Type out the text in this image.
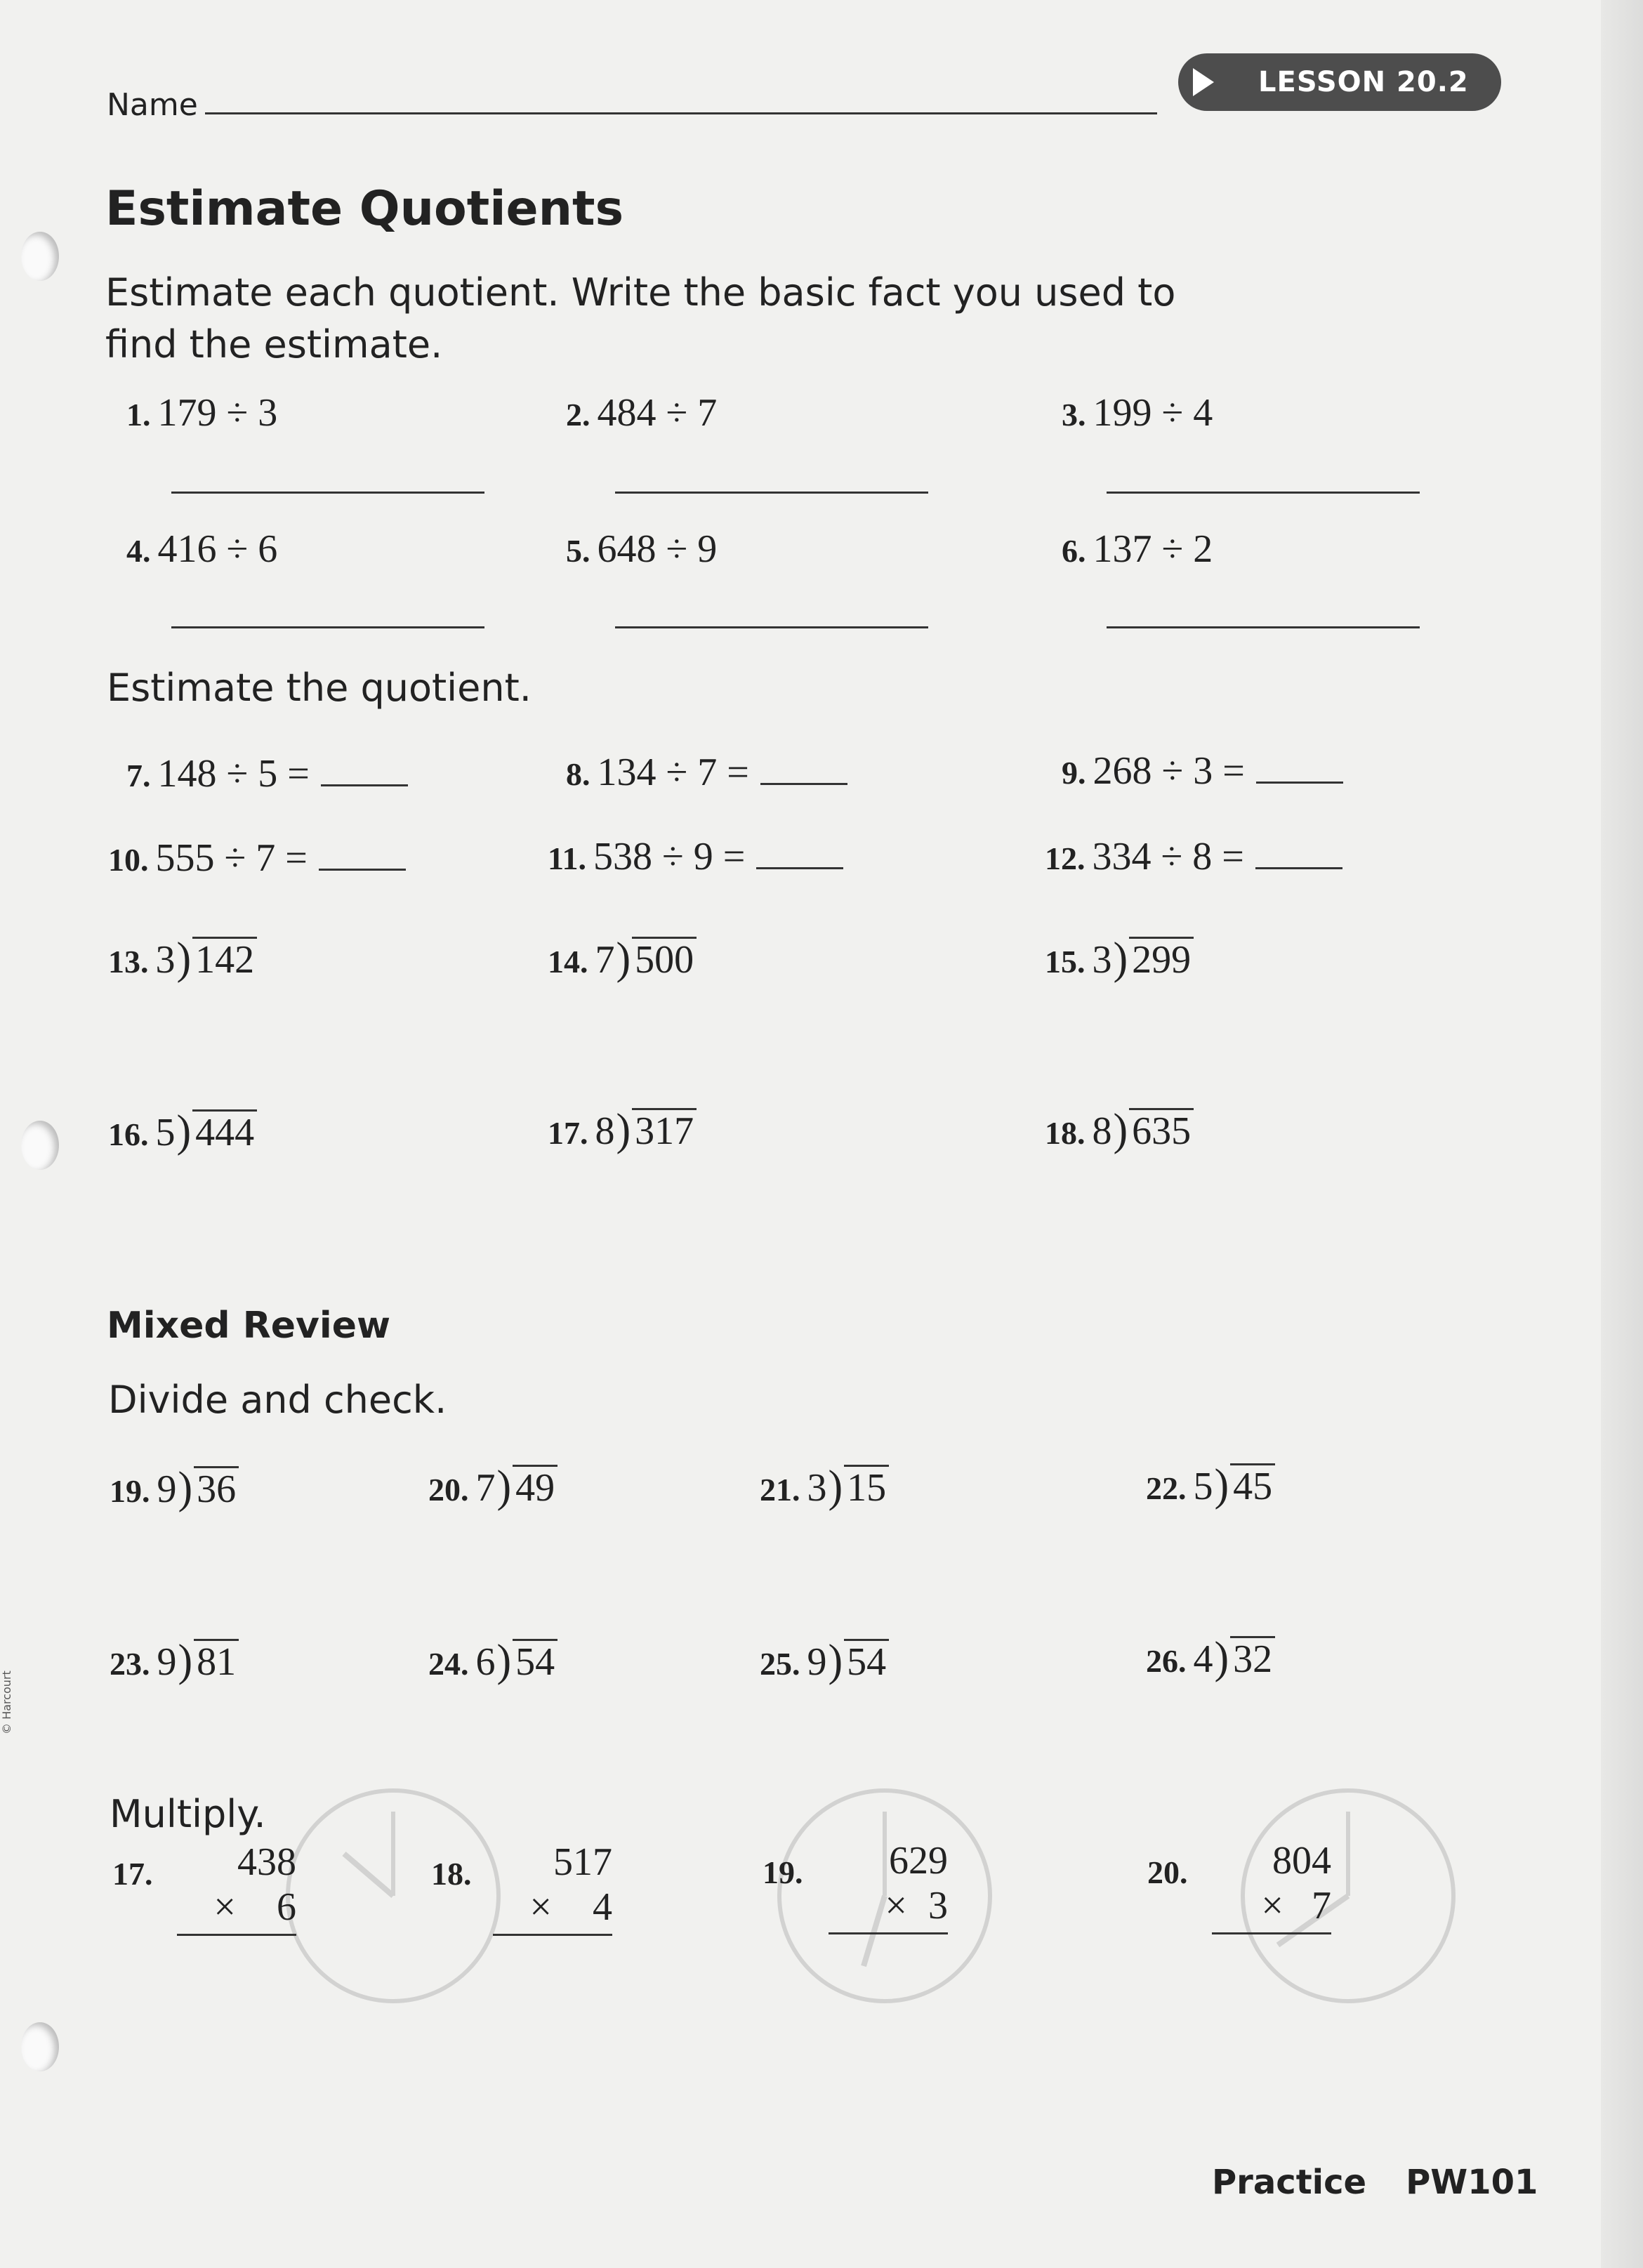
Name
LESSON 20.2
Estimate Quotients
Estimate each quotient. Write the basic fact you used to find the estimate.
1. 179 ÷ 3	2. 484 ÷ 7	3. 199 ÷ 4
4. 416 ÷ 6	5. 648 ÷ 9	6. 137 ÷ 2
Estimate the quotient.
7. 148 ÷ 5 =	8. 134 ÷ 7 =	9. 268 ÷ 3 =
10. 555 ÷ 7 =	11. 538 ÷ 9 =	12. 334 ÷ 8 =
13. 3) 142	14. 7) 500	15. 3) 299
16. 5) 444	17. 8) 317	18. 8) 635
Mixed Review
Divide and check.
19. 9) 36	20. 7) 49	21. 3) 15	22. 5) 45
23. 9) 81	24. 6) 54	25. 9) 54	26. 4) 32
Multiply.
17.	438
× 6
18.	517
× 4
19.	629
× 3
20.	804
× 7
Practice PW101
© Harcourt
